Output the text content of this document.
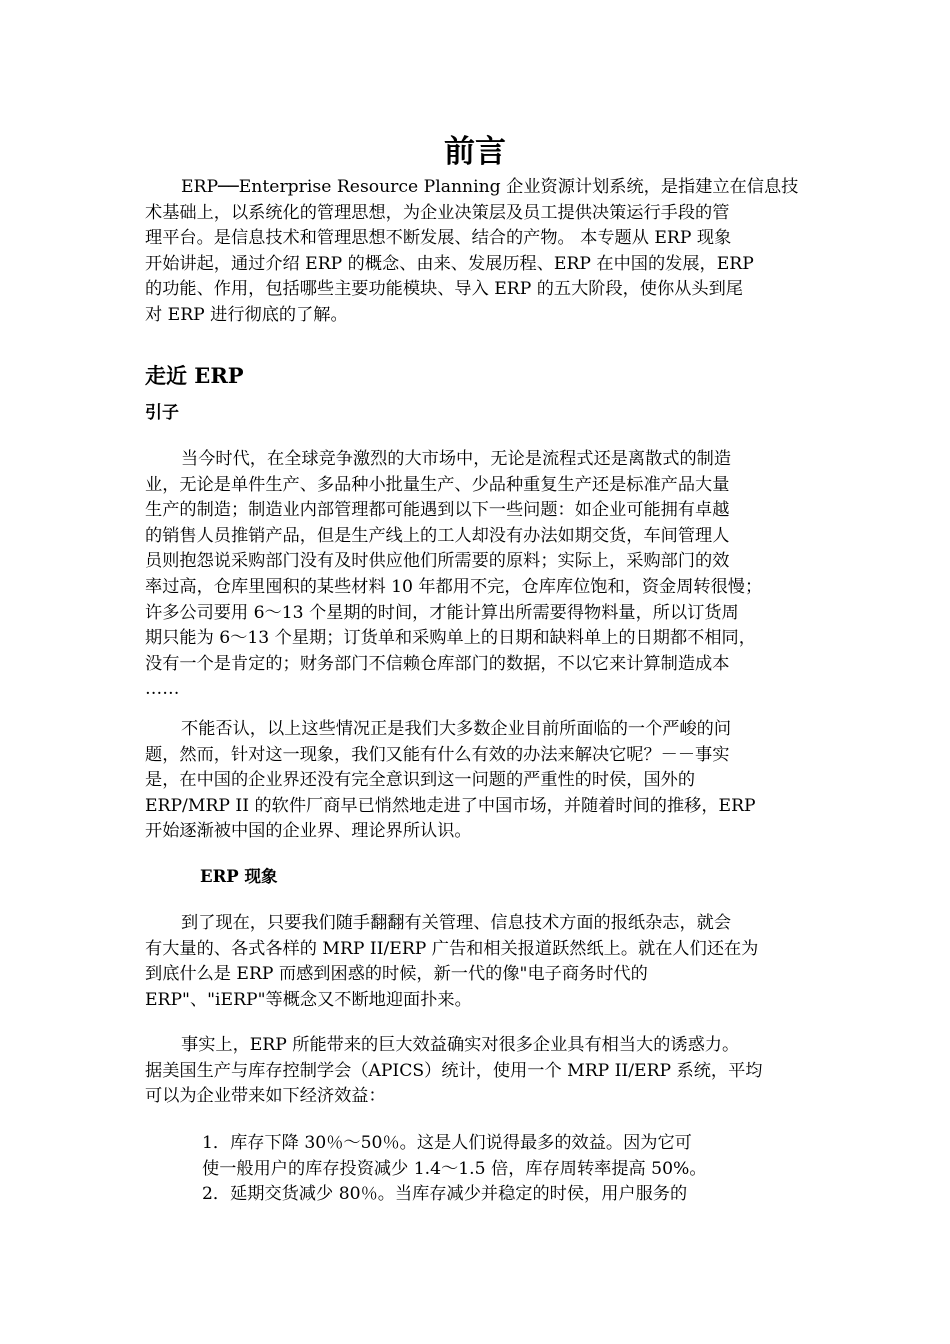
前言
ERP──Enterprise Resource Planning 企业资源计划系统，是指建立在信息技
术基础上，以系统化的管理思想，为企业决策层及员工提供决策运行手段的管
理平台。是信息技术和管理思想不断发展、结合的产物。 本专题从 ERP 现象
开始讲起，通过介绍 ERP 的概念、由来、发展历程、ERP 在中国的发展，ERP
的功能、作用，包括哪些主要功能模块、导入 ERP 的五大阶段，使你从头到尾
对 ERP 进行彻底的了解。
走近 ERP
引子
当今时代，在全球竞争激烈的大市场中，无论是流程式还是离散式的制造
业，无论是单件生产、多品种小批量生产、少品种重复生产还是标准产品大量
生产的制造；制造业内部管理都可能遇到以下一些问题：如企业可能拥有卓越
的销售人员推销产品，但是生产线上的工人却没有办法如期交货，车间管理人
员则抱怨说采购部门没有及时供应他们所需要的原料；实际上，采购部门的效
率过高，仓库里囤积的某些材料 10 年都用不完，仓库库位饱和，资金周转很慢；
许多公司要用 6～13 个星期的时间，才能计算出所需要得物料量，所以订货周
期只能为 6～13 个星期；订货单和采购单上的日期和缺料单上的日期都不相同，
没有一个是肯定的；财务部门不信赖仓库部门的数据，不以它来计算制造成本
……
不能否认，以上这些情况正是我们大多数企业目前所面临的一个严峻的问
题，然而，针对这一现象，我们又能有什么有效的办法来解决它呢？－－事实
是，在中国的企业界还没有完全意识到这一问题的严重性的时侯，国外的
ERP/MRP II 的软件厂商早已悄然地走进了中国市场，并随着时间的推移，ERP
开始逐渐被中国的企业界、理论界所认识。
ERP 现象
到了现在，只要我们随手翻翻有关管理、信息技术方面的报纸杂志，就会
有大量的、各式各样的 MRP II/ERP 广告和相关报道跃然纸上。就在人们还在为
到底什么是 ERP 而感到困惑的时候，新一代的像"电子商务时代的
ERP"、"iERP"等概念又不断地迎面扑来。
事实上，ERP 所能带来的巨大效益确实对很多企业具有相当大的诱惑力。
据美国生产与库存控制学会（APICS）统计，使用一个 MRP II/ERP 系统，平均
可以为企业带来如下经济效益：
1．库存下降 30％～50％。这是人们说得最多的效益。因为它可
使一般用户的库存投资减少 1.4～1.5 倍，库存周转率提高 50%。
2．延期交货减少 80％。当库存减少并稳定的时侯，用户服务的
